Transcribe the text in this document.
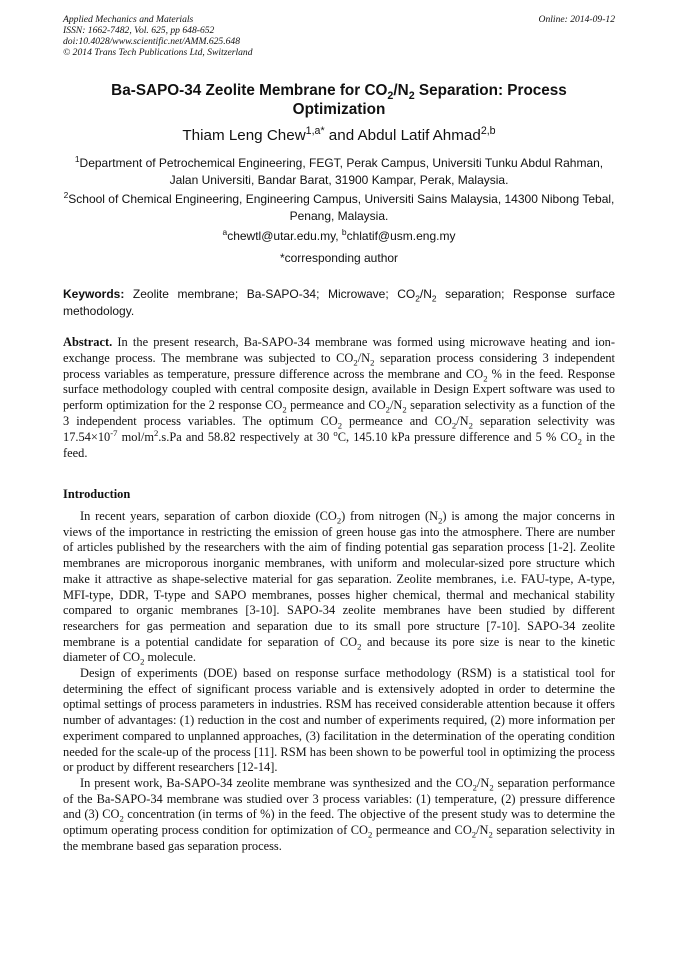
Applied Mechanics and Materials
ISSN: 1662-7482, Vol. 625, pp 648-652
doi:10.4028/www.scientific.net/AMM.625.648
© 2014 Trans Tech Publications Ltd, Switzerland
Online: 2014-09-12
Ba-SAPO-34 Zeolite Membrane for $CO_2/N_2$ Separation: Process Optimization
Thiam Leng Chew$^{1,a*}$ and Abdul Latif Ahmad$^{2,b}$
$^1$Department of Petrochemical Engineering, FEGT, Perak Campus, Universiti Tunku Abdul Rahman, Jalan Universiti, Bandar Barat, 31900 Kampar, Perak, Malaysia.
$^2$School of Chemical Engineering, Engineering Campus, Universiti Sains Malaysia, 14300 Nibong Tebal, Penang, Malaysia.
$^a$chewtl@utar.edu.my, $^b$chlatif@usm.eng.my
*corresponding author
Keywords: Zeolite membrane; Ba-SAPO-34; Microwave; $CO_2/N_2$ separation; Response surface methodology.
Abstract. In the present research, Ba-SAPO-34 membrane was formed using microwave heating and ion-exchange process. The membrane was subjected to $CO_2/N_2$ separation process considering 3 independent process variables as temperature, pressure difference across the membrane and $CO_2$ % in the feed. Response surface methodology coupled with central composite design, available in Design Expert software was used to perform optimization for the 2 response $CO_2$ permeance and $CO_2/N_2$ separation selectivity as a function of the 3 independent process variables. The optimum $CO_2$ permeance and $CO_2/N_2$ separation selectivity was $17.54\times 10^{-7}$ mol/$m^2.s.Pa$ and 58.82 respectively at 30 $^o$C, 145.10 kPa pressure difference and 5 % $CO_2$ in the feed.
Introduction

In recent years, separation of carbon dioxide $(CO_2)$ from nitrogen $(N_2)$ is among the major concerns in views of the importance in restricting the emission of green house gas into the atmosphere. There are number of articles published by the researchers with the aim of finding potential gas separation process [1-2]. Zeolite membranes are microporous inorganic membranes, with uniform and molecular-sized pore structure which make it attractive as shape-selective material for gas separation. Zeolite membranes, i.e. FAU-type, A-type, MFI-type, DDR, T-type and SAPO membranes, posses higher chemical, thermal and mechanical stability compared to organic membranes [3-10]. SAPO-34 zeolite membranes have been studied by different researchers for gas permeation and separation due to its small pore structure [7-10]. SAPO-34 zeolite membrane is a potential candidate for separation of $CO_2$ and because its pore size is near to the kinetic diameter of $CO_2$ molecule.

Design of experiments (DOE) based on response surface methodology (RSM) is a statistical tool for determining the effect of significant process variable and is extensively adopted in order to determine the optimal settings of process parameters in industries. RSM has received considerable attention because it offers number of advantages: (1) reduction in the cost and number of experiments required, (2) more information per experiment compared to unplanned approaches, (3) facilitation in the determination of the operating condition needed for the scale-up of the process [11]. RSM has been shown to be powerful tool in optimizing the process or product by different researchers [12-14].

In present work, Ba-SAPO-34 zeolite membrane was synthesized and the $CO_2/N_2$ separation performance of the Ba-SAPO-34 membrane was studied over 3 process variables: (1) temperature, (2) pressure difference and (3) $CO_2$ concentration (in terms of %) in the feed. The objective of the present study was to determine the optimum operating process condition for optimization of $CO_2$ permeance and $CO_2/N_2$ separation selectivity in the membrane based gas separation process.
